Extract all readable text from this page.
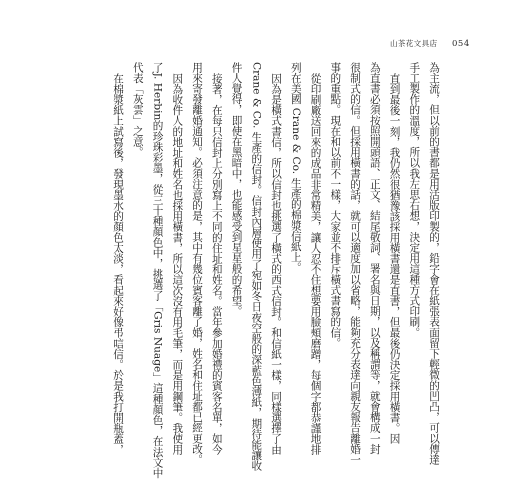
山茶花文具店 054
為主流，但以前的書都是用活版印製的，鉛字會在紙張表面留下輕微的凹凸，可以傳達
手工製作的溫度，所以我左思右想，決定用這種方式印刷。
直到最後一刻，我仍然很猶豫該採用橫書還是直書，但最後仍決定採用橫書。因
為直書必須按照開頭語、正文、結尾敬詞、署名與日期，以及稱謂等，就會構成一封
很制式的信。但採用橫書的話，就可以適度加以省略，能夠充分表達向親友報告離婚一
事的重點。現在和以前不一樣，大家並不排斥橫式書寫的信。
從印刷廠送回來的成品非常精美，讓人忍不住想要用臉頰磨蹭，每個字都恭謹地排
列在美國 Crane & Co. 生產的棉漿信紙上。
因為是橫式書信，所以信封也挑選了橫式的西式信封。和信紙一樣，同樣選擇了由
Crane & Co. 生產的信封。信封內層使用了宛如冬日夜空般的深藍色薄紙，期待能讓收
件人覺得，即使在黑暗中，也能感受到星星般的希望。
接著，在每只信封上分別寫上不同的住址和姓名。當年參加婚禮的賓客名單，如今
用來寄發離婚通知。必須注意的是，其中有幾位賓客離了婚，姓名和住址都已經更改。
因為收件人的地址和姓名也採用橫書，所以這次沒有用毛筆，而是用鋼筆。我使用
了J. Herbin的珍珠彩墨，從三十種顏色中，挑選了「Gris Nuage」這種顏色，在法文中
代表「灰雲」之意。
在棉漿紙上試寫後，發現墨水的顏色太淡，看起來好像弔唁信。於是我打開瓶蓋，
